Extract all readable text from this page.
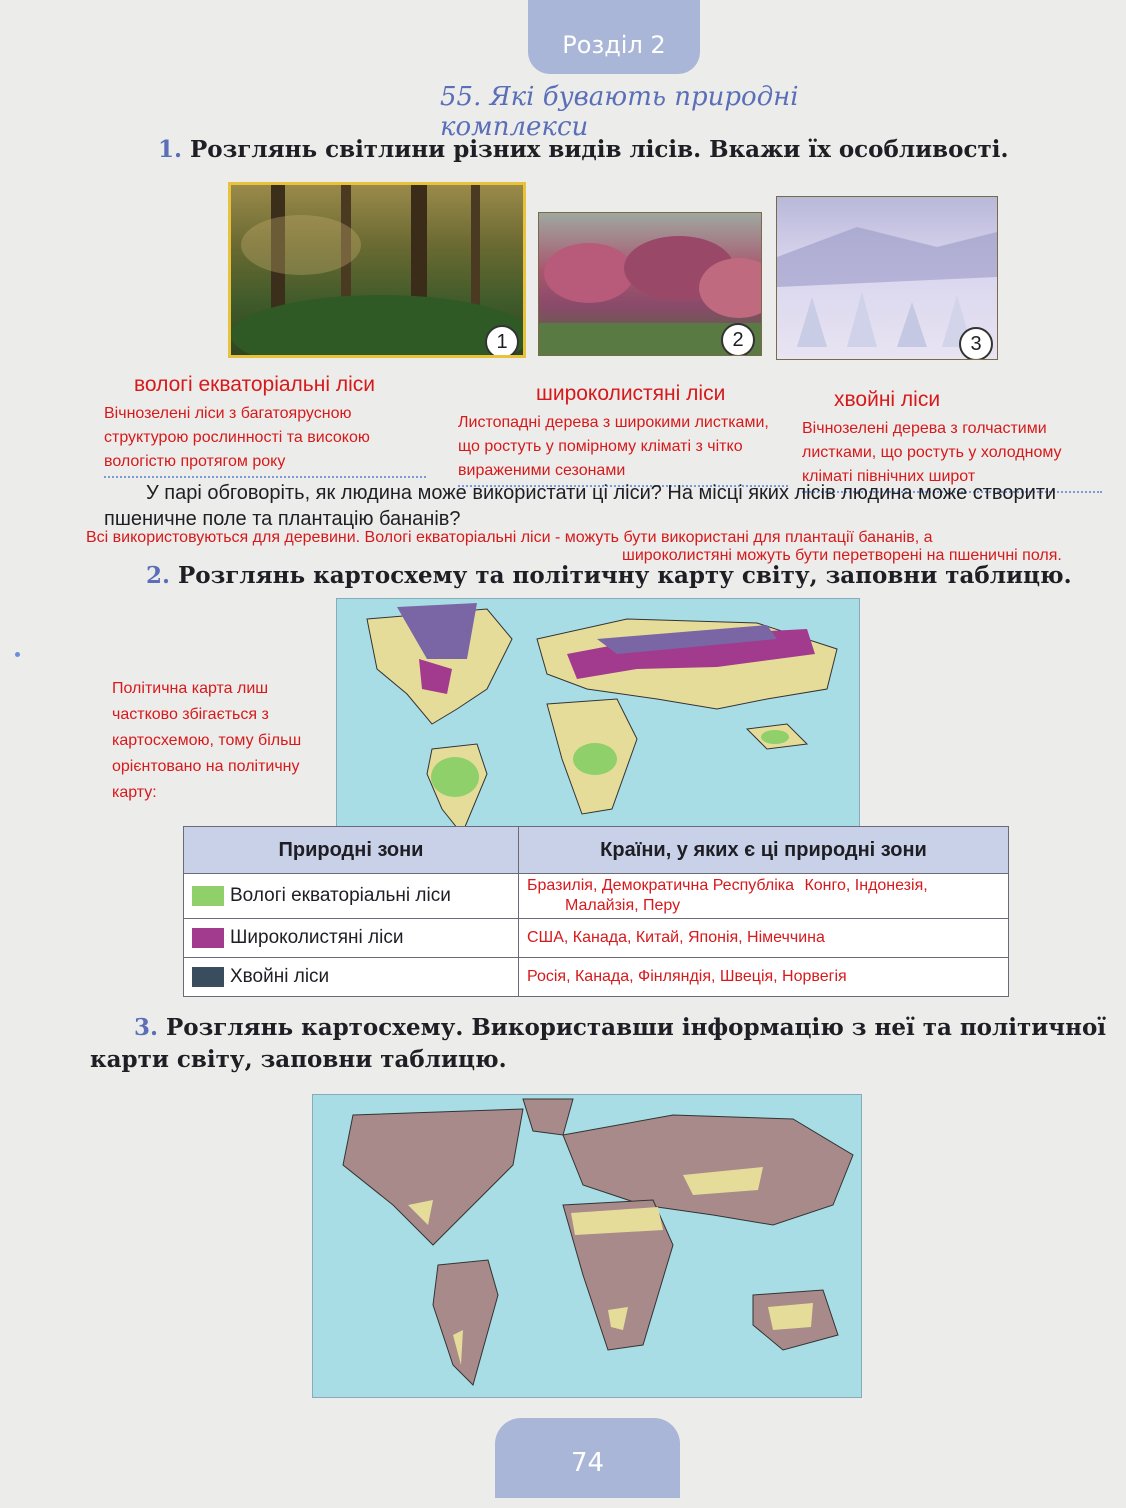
Розділ 2
55. Які бувають природні комплекси
1. Розглянь світлини різних видів лісів. Вкажи їх особливості.
1	2	3
вологі екваторіальні ліси
Вічнозелені ліси з багатоярусною структурою рослинності та високою вологістю протягом року
широколистяні ліси
Листопадні дерева з широкими листками, що ростуть у помірному кліматі з чітко вираженими сезонами
хвойні ліси
Вічнозелені дерева з голчастими листками, що ростуть у холодному кліматі північних широт
У парі обговоріть, як людина може використати ці ліси? На місці яких лісів людина може створити пшеничне поле та плантацію бананів?
Всі використовуються для деревини. Вологі екваторіальні ліси - можуть бути використані для плантації бананів, а
широколистяні можуть бути перетворені на пшеничні поля.
2. Розглянь картосхему та політичну карту світу, заповни таблицю.
Політична карта лиш частково збігається з картосхемою, тому більш орієнтовано на політичну карту:
Природні зони	Країни, у яких є ці природні зони
Вологі екваторіальні ліси	Бразилія, Демократична Республіка Конго, Індонезія,
Малайзія, Перу
Широколистяні ліси	США, Канада, Китай, Японія, Німеччина
Хвойні ліси	Росія, Канада, Фінляндія, Швеція, Норвегія
3. Розглянь картосхему. Використавши інформацію з неї та політичної
карти світу, заповни таблицю.
74
